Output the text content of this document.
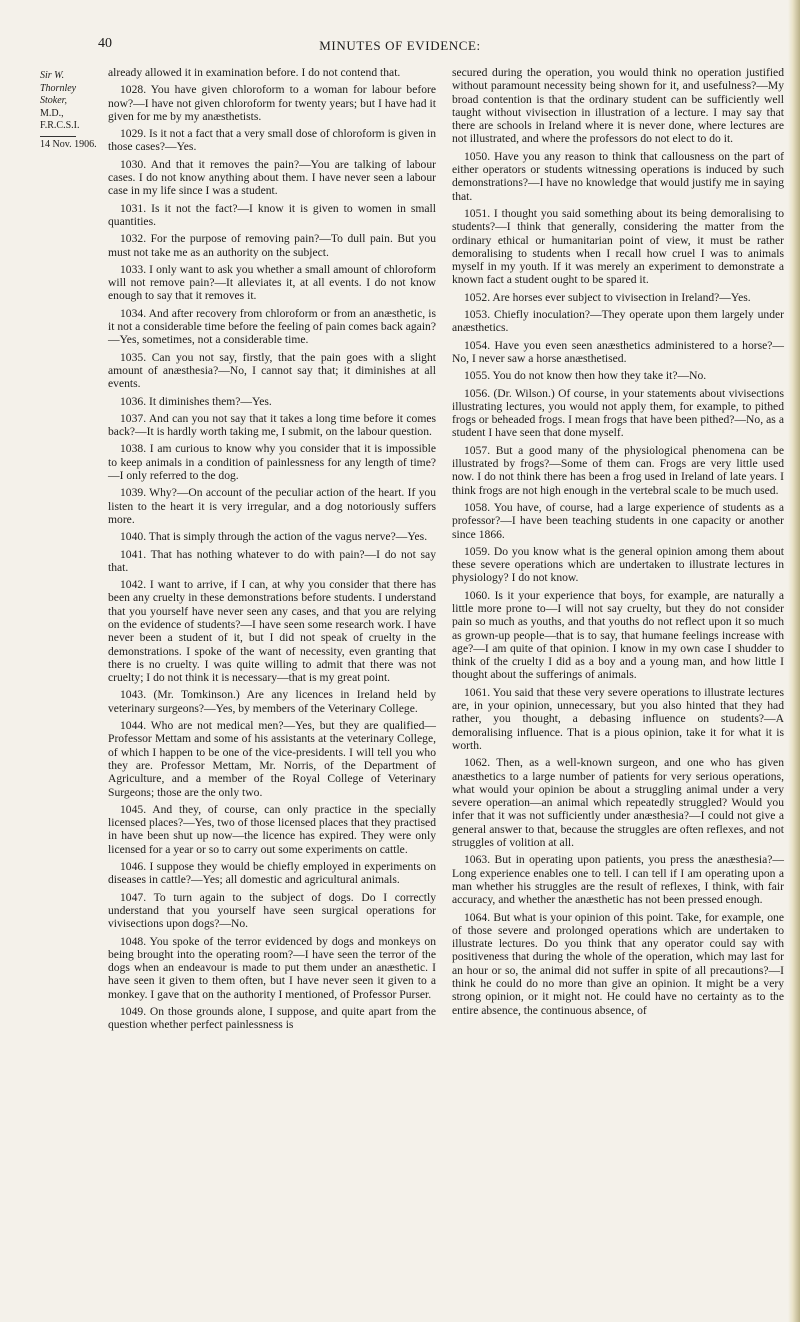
40	MINUTES OF EVIDENCE:
Sir W.
Thornley
Stoker,
M.D.,
F.R.C.S.I.
14 Nov. 1906.

already allowed it in examination before. I do not contend that.

1028. You have given chloroform to a woman for labour before now?—I have not given chloroform for twenty years; but I have had it given for me by my anæsthetists.

1029. Is it not a fact that a very small dose of chloroform is given in those cases?—Yes.

1030. And that it removes the pain?—You are talking of labour cases. I do not know anything about them. I have never seen a labour case in my life since I was a student.

1031. Is it not the fact?—I know it is given to women in small quantities.

1032. For the purpose of removing pain?—To dull pain. But you must not take me as an authority on the subject.

1033. I only want to ask you whether a small amount of chloroform will not remove pain?—It alleviates it, at all events. I do not know enough to say that it removes it.

1034. And after recovery from chloroform or from an anæsthetic, is it not a considerable time before the feeling of pain comes back again?—Yes, sometimes, not a considerable time.

1035. Can you not say, firstly, that the pain goes with a slight amount of anæsthesia?—No, I cannot say that; it diminishes at all events.

1036. It diminishes them?—Yes.

1037. And can you not say that it takes a long time before it comes back?—It is hardly worth taking me, I submit, on the labour question.

1038. I am curious to know why you consider that it is impossible to keep animals in a condition of painlessness for any length of time?—I only referred to the dog.

1039. Why?—On account of the peculiar action of the heart. If you listen to the heart it is very irregular, and a dog notoriously suffers more.

1040. That is simply through the action of the vagus nerve?—Yes.

1041. That has nothing whatever to do with pain?—I do not say that.

1042. I want to arrive, if I can, at why you consider that there has been any cruelty in these demonstrations before students. I understand that you yourself have never seen any cases, and that you are relying on the evidence of students?—I have seen some research work. I have never been a student of it, but I did not speak of cruelty in the demonstrations. I spoke of the want of necessity, even granting that there is no cruelty. I was quite willing to admit that there was not cruelty; I do not think it is necessary—that is my great point.

1043. (Mr. Tomkinson.) Are any licences in Ireland held by veterinary surgeons?—Yes, by members of the Veterinary College.

1044. Who are not medical men?—Yes, but they are qualified—Professor Mettam and some of his assistants at the veterinary College, of which I happen to be one of the vice-presidents. I will tell you who they are. Professor Mettam, Mr. Norris, of the Department of Agriculture, and a member of the Royal College of Veterinary Surgeons; those are the only two.

1045. And they, of course, can only practice in the specially licensed places?—Yes, two of those licensed places that they practised in have been shut up now—the licence has expired. They were only licensed for a year or so to carry out some experiments on cattle.

1046. I suppose they would be chiefly employed in experiments on diseases in cattle?—Yes; all domestic and agricultural animals.

1047. To turn again to the subject of dogs. Do I correctly understand that you yourself have seen surgical operations for vivisections upon dogs?—No.

1048. You spoke of the terror evidenced by dogs and monkeys on being brought into the operating room?—I have seen the terror of the dogs when an endeavour is made to put them under an anæsthetic. I have seen it given to them often, but I have never seen it given to a monkey. I gave that on the authority I mentioned, of Professor Purser.

1049. On those grounds alone, I suppose, and quite apart from the question whether perfect painlessness is

secured during the operation, you would think no operation justified without paramount necessity being shown for it, and usefulness?—My broad contention is that the ordinary student can be sufficiently well taught without vivisection in illustration of a lecture. I may say that there are schools in Ireland where it is never done, where lectures are not illustrated, and where the professors do not elect to do it.

1050. Have you any reason to think that callousness on the part of either operators or students witnessing operations is induced by such demonstrations?—I have no knowledge that would justify me in saying that.

1051. I thought you said something about its being demoralising to students?—I think that generally, considering the matter from the ordinary ethical or humanitarian point of view, it must be rather demoralising to students when I recall how cruel I was to animals myself in my youth. If it was merely an experiment to demonstrate a known fact a student ought to be spared it.

1052. Are horses ever subject to vivisection in Ireland?—Yes.

1053. Chiefly inoculation?—They operate upon them largely under anæsthetics.

1054. Have you even seen anæsthetics administered to a horse?—No, I never saw a horse anæsthetised.

1055. You do not know then how they take it?—No.

1056. (Dr. Wilson.) Of course, in your statements about vivisections illustrating lectures, you would not apply them, for example, to pithed frogs or beheaded frogs. I mean frogs that have been pithed?—No, as a student I have seen that done myself.

1057. But a good many of the physiological phenomena can be illustrated by frogs?—Some of them can. Frogs are very little used now. I do not think there has been a frog used in Ireland of late years. I think frogs are not high enough in the vertebral scale to be much used.

1058. You have, of course, had a large experience of students as a professor?—I have been teaching students in one capacity or another since 1866.

1059. Do you know what is the general opinion among them about these severe operations which are undertaken to illustrate lectures in physiology? I do not know.

1060. Is it your experience that boys, for example, are naturally a little more prone to—I will not say cruelty, but they do not consider pain so much as youths, and that youths do not reflect upon it so much as grown-up people—that is to say, that humane feelings increase with age?—I am quite of that opinion. I know in my own case I shudder to think of the cruelty I did as a boy and a young man, and how little I thought about the sufferings of animals.

1061. You said that these very severe operations to illustrate lectures are, in your opinion, unnecessary, but you also hinted that they had rather, you thought, a debasing influence on students?—A demoralising influence. That is a pious opinion, take it for what it is worth.

1062. Then, as a well-known surgeon, and one who has given anæsthetics to a large number of patients for very serious operations, what would your opinion be about a struggling animal under a very severe operation—an animal which repeatedly struggled? Would you infer that it was not sufficiently under anæsthesia?—I could not give a general answer to that, because the struggles are often reflexes, and not struggles of volition at all.

1063. But in operating upon patients, you press the anæsthesia?—Long experience enables one to tell. I can tell if I am operating upon a man whether his struggles are the result of reflexes, I think, with fair accuracy, and whether the anæsthetic has not been pressed enough.

1064. But what is your opinion of this point. Take, for example, one of those severe and prolonged operations which are undertaken to illustrate lectures. Do you think that any operator could say with positiveness that during the whole of the operation, which may last for an hour or so, the animal did not suffer in spite of all precautions?—I think he could do no more than give an opinion. It might be a very strong opinion, or it might not. He could have no certainty as to the entire absence, the continuous absence, of
